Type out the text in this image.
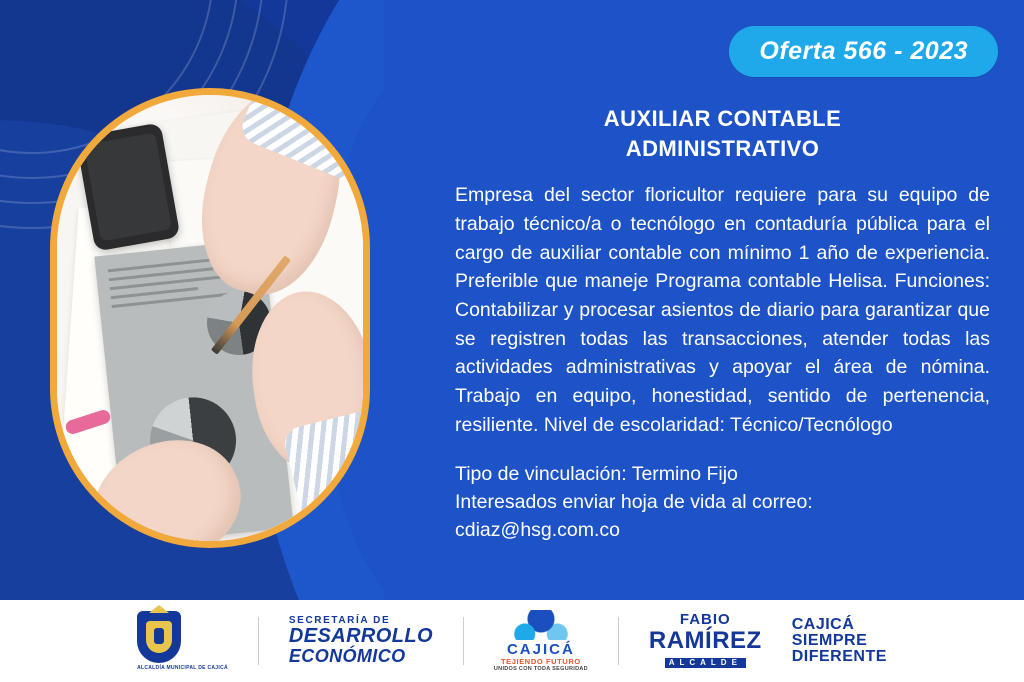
Oferta 566 - 2023
AUXILIAR CONTABLE
ADMINISTRATIVO

Empresa del sector floricultor requiere para su equipo de trabajo técnico/a o tecnólogo en contaduría pública para el cargo de auxiliar contable con mínimo 1 año de experiencia. Preferible que maneje Programa contable Helisa. Funciones: Contabilizar y procesar asientos de diario para garantizar que se registren todas las transacciones, atender todas las actividades administrativas y apoyar el área de nómina. Trabajo en equipo, honestidad, sentido de pertenencia, resiliente. Nivel de escolaridad: Técnico/Tecnólogo

Tipo de vinculación: Termino Fijo

Interesados enviar hoja de vida al correo:

cdiaz@hsg.com.co

ALCALDÍA MUNICIPAL DE CAJICÁ
SECRETARÍA DE
DESARROLLO
ECONÓMICO	CAJICÁ
TEJIENDO FUTURO
UNIDOS CON TODA SEGURIDAD
FABIO
RAMÍREZ
ALCALDE
CAJICÁ
SIEMPRE
DIFERENTE
